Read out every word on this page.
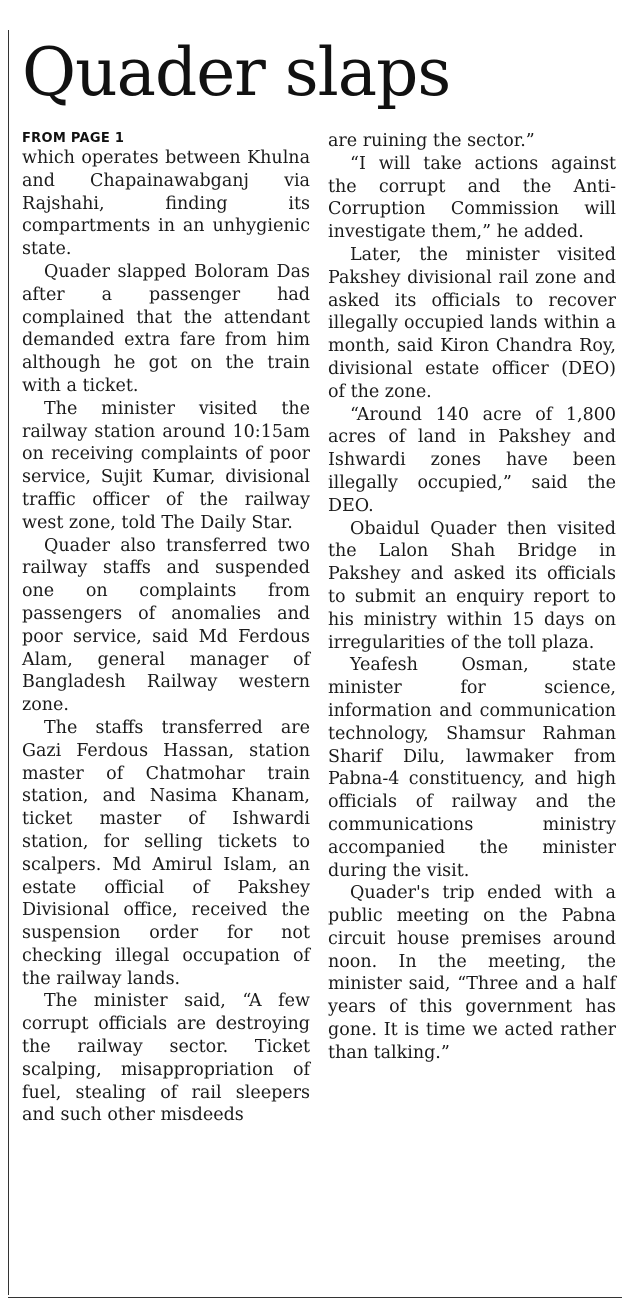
Quader slaps

FROM PAGE 1

which operates between Khulna and Chapainawabganj via Rajshahi, finding its compartments in an unhygienic state.

Quader slapped Boloram Das after a passenger had complained that the attendant demanded extra fare from him although he got on the train with a ticket.

The minister visited the railway station around 10:15am on receiving complaints of poor service, Sujit Kumar, divisional traffic officer of the railway west zone, told The Daily Star.

Quader also transferred two railway staffs and suspended one on complaints from passengers of anomalies and poor service, said Md Ferdous Alam, general manager of Bangladesh Railway western zone.

The staffs transferred are Gazi Ferdous Hassan, station master of Chatmohar train station, and Nasima Khanam, ticket master of Ishwardi station, for selling tickets to scalpers. Md Amirul Islam, an estate official of Pakshey Divisional office, received the suspension order for not checking illegal occupation of the railway lands.

The minister said, “A few corrupt officials are destroying the railway sector. Ticket scalping, misappropriation of fuel, stealing of rail sleepers and such other misdeeds

are ruining the sector.”

“I will take actions against the corrupt and the Anti-Corruption Commission will investigate them,” he added.

Later, the minister visited Pakshey divisional rail zone and asked its officials to recover illegally occupied lands within a month, said Kiron Chandra Roy, divisional estate officer (DEO) of the zone.

“Around 140 acre of 1,800 acres of land in Pakshey and Ishwardi zones have been illegally occupied,” said the DEO.

Obaidul Quader then visited the Lalon Shah Bridge in Pakshey and asked its officials to submit an enquiry report to his ministry within 15 days on irregularities of the toll plaza.

Yeafesh Osman, state minister for science, information and communication technology, Shamsur Rahman Sharif Dilu, lawmaker from Pabna-4 constituency, and high officials of railway and the communications ministry accompanied the minister during the visit.

Quader's trip ended with a public meeting on the Pabna circuit house premises around noon. In the meeting, the minister said, “Three and a half years of this government has gone. It is time we acted rather than talking.”
